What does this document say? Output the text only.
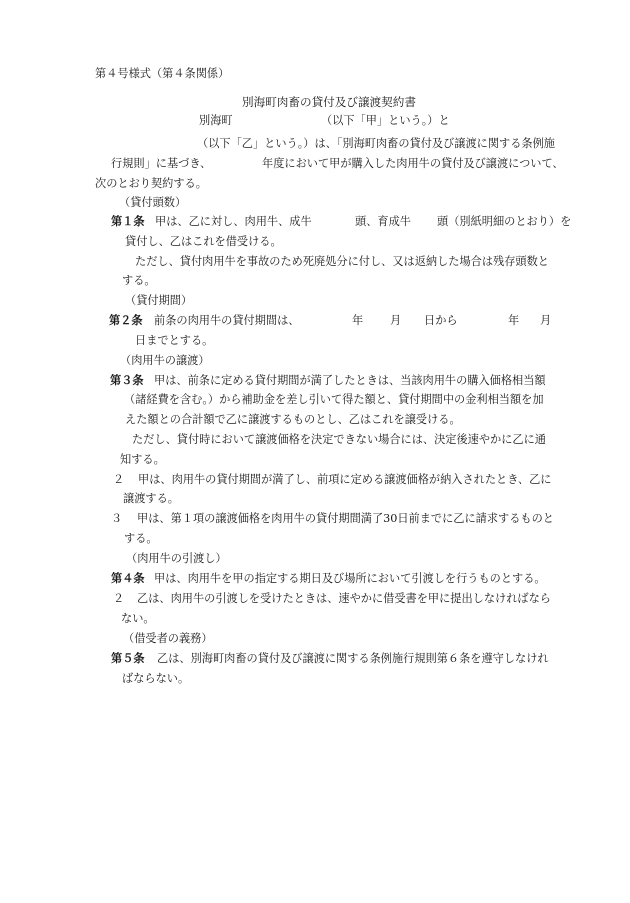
第４号様式（第４条関係）
別海町肉畜の貸付及び譲渡契約書
別海町	（以下「甲」という。）と
（以下「乙」という。）は、「別海町肉畜の貸付及び譲渡に関する条例施
行規則」に基づき、	年度において甲が購入した肉用牛の貸付及び譲渡について、
次のとおり契約する。
（貸付頭数）
第１条 甲は、乙に対し、肉用牛、成牛	頭、育成牛 頭（別紙明細のとおり）を
貸付し、乙はこれを借受ける。
ただし、貸付肉用牛を事故のため死廃処分に付し、又は返納した場合は残存頭数と
する。
（貸付期間）
第２条 前条の肉用牛の貸付期間は、	年 月 日から	年 月
日までとする。
（肉用牛の譲渡）
第３条 甲は、前条に定める貸付期間が満了したときは、当該肉用牛の購入価格相当額
（諸経費を含む。）から補助金を差し引いて得た額と、貸付期間中の金利相当額を加
えた額との合計額で乙に譲渡するものとし、乙はこれを譲受ける。
ただし、貸付時において譲渡価格を決定できない場合には、決定後速やかに乙に通
知する。
２ 甲は、肉用牛の貸付期間が満了し、前項に定める譲渡価格が納入されたとき、乙に
譲渡する。
３ 甲は、第１項の譲渡価格を肉用牛の貸付期間満了30日前までに乙に請求するものと
する。
（肉用牛の引渡し）
第４条 甲は、肉用牛を甲の指定する期日及び場所において引渡しを行うものとする。
２ 乙は、肉用牛の引渡しを受けたときは、速やかに借受書を甲に提出しなければなら
ない。
（借受者の義務）
第５条 乙は、別海町肉畜の貸付及び譲渡に関する条例施行規則第６条を遵守しなけれ
ばならない。
